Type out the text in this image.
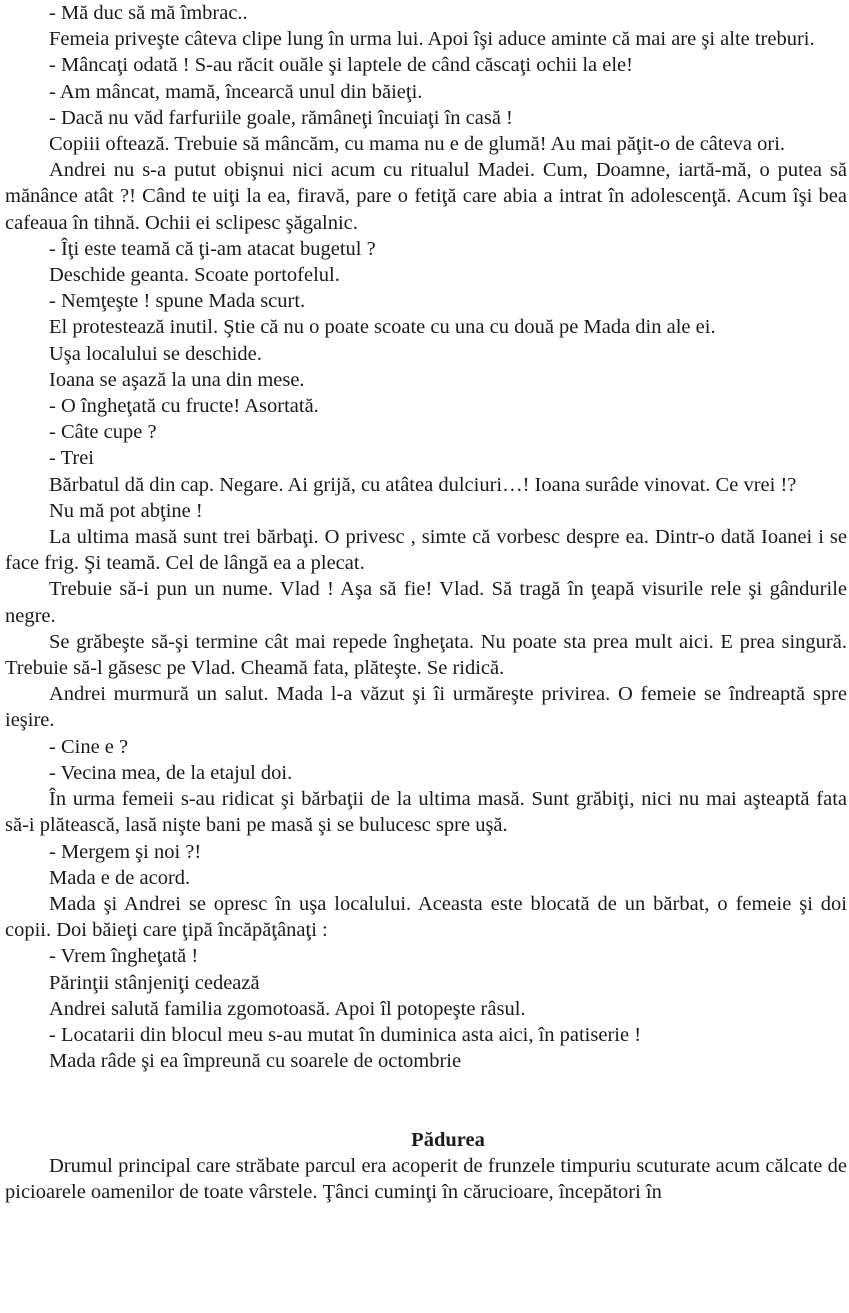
- Mă duc să mă îmbrac..

Femeia priveşte câteva clipe lung în urma lui. Apoi îşi aduce aminte că mai are şi alte treburi.

- Mâncaţi odată ! S-au răcit ouăle şi laptele de când căscaţi ochii la ele!

- Am mâncat, mamă, încearcă unul din băieţi.

- Dacă nu văd farfuriile goale, rămâneţi încuiaţi în casă !

Copiii oftează. Trebuie să mâncăm, cu mama nu e de glumă! Au mai păţit-o de câteva ori.

Andrei nu s-a putut obişnui nici acum cu ritualul Madei. Cum, Doamne, iartă-mă, o putea să mănânce atât ?! Când te uiţi la ea, firavă, pare o fetiţă care abia a intrat în adolescenţă. Acum îşi bea cafeaua în tihnă. Ochii ei sclipesc şăgalnic.

- Îţi este teamă că ţi-am atacat bugetul ?

Deschide geanta. Scoate portofelul.

- Nemţeşte ! spune Mada scurt.

El protestează inutil. Ştie că nu o poate scoate cu una cu două pe Mada din ale ei.

Uşa localului se deschide.

Ioana se aşază la una din mese.

- O îngheţată cu fructe! Asortată.

- Câte cupe ?

- Trei

Bărbatul dă din cap. Negare. Ai grijă, cu atâtea dulciuri…! Ioana surâde vinovat. Ce vrei !?

Nu mă pot abţine !

La ultima masă sunt trei bărbaţi. O privesc , simte că vorbesc despre ea. Dintr-o dată Ioanei i se face frig. Şi teamă. Cel de lângă ea a plecat.

Trebuie să-i pun un nume. Vlad ! Aşa să fie! Vlad. Să tragă în ţeapă visurile rele şi gândurile negre.

Se grăbeşte să-şi termine cât mai repede îngheţata. Nu poate sta prea mult aici. E prea singură. Trebuie să-l găsesc pe Vlad. Cheamă fata, plăteşte. Se ridică.

Andrei murmură un salut. Mada l-a văzut şi îi urmăreşte privirea. O femeie se îndreaptă spre ieşire.

- Cine e ?

- Vecina mea, de la etajul doi.

În urma femeii s-au ridicat şi bărbaţii de la ultima masă. Sunt grăbiţi, nici nu mai aşteaptă fata să-i plătească, lasă nişte bani pe masă şi se bulucesc spre uşă.

- Mergem şi noi ?!

Mada e de acord.

Mada şi Andrei se opresc în uşa localului. Aceasta este blocată de un bărbat, o femeie şi doi copii. Doi băieţi care ţipă încăpăţânaţi :

- Vrem îngheţată !

Părinţii stânjeniţi cedează

Andrei salută familia zgomotoasă. Apoi îl potopeşte râsul.

- Locatarii din blocul meu s-au mutat în duminica asta aici, în patiserie !

Mada râde şi ea împreună cu soarele de octombrie

Pădurea

Drumul principal care străbate parcul era acoperit de frunzele timpuriu scuturate acum călcate de picioarele oamenilor de toate vârstele. Ţânci cuminţi în cărucioare, începători în
